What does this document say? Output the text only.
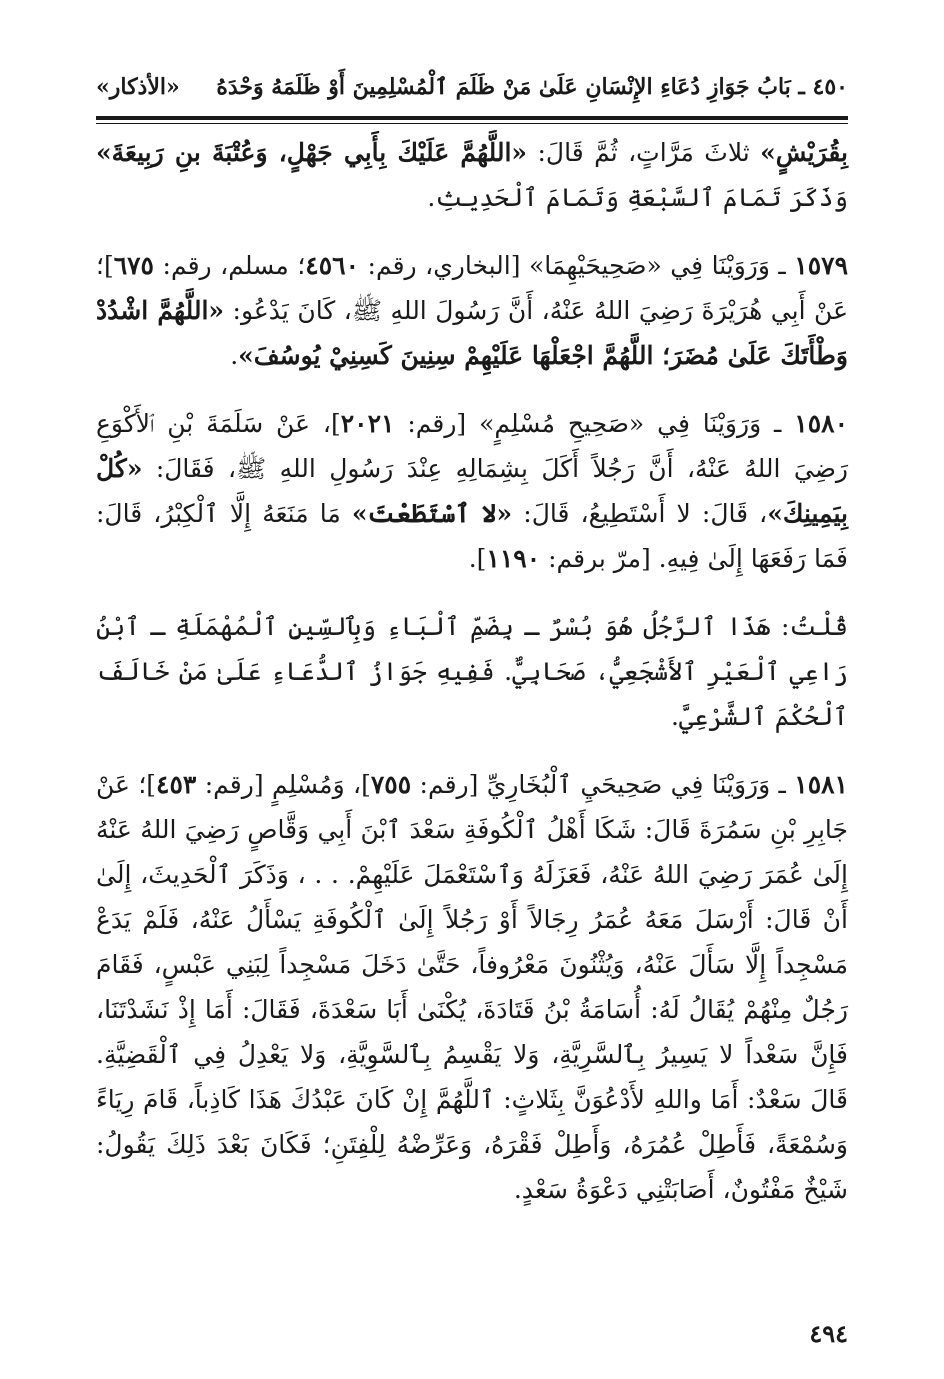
٤٥٠ ـ بَابُ جَوَازِ دُعَاءِ الإِنْسَانِ عَلَىٰ مَنْ ظَلَمَ ٱلْمُسْلِمِينَ أَوْ ظَلَمَهُ وَحْدَهُ
«الأذكار»

بِقُرَيْشٍ» ثلاثَ مَرَّاتٍ، ثُمَّ قَالَ: «اللَّهُمَّ عَلَيْكَ بِأَبِي جَهْلٍ، وَعُتْبَةَ بنِ رَبِيعَةَ» وَذَكَرَ تَمَامَ ٱلسَّبْعَةِ وَتَمَامَ ٱلْحَدِيثِ.

١٥٧٩ ـ وَرَوَيْنَا فِي «صَحِيحَيْهِمَا» [البخاري، رقم: ٤٥٦٠؛ مسلم، رقم: ٦٧٥]؛ عَنْ أَبِي هُرَيْرَةَ رَضِيَ اللهُ عَنْهُ، أَنَّ رَسُولَ اللهِ ﷺ، كَانَ يَدْعُو: «اللَّهُمَّ اشْدُدْ وَطْأَتَكَ عَلَىٰ مُضَرَ؛ اللَّهُمَّ اجْعَلْهَا عَلَيْهِمْ سِنِينَ كَسِنِيْ يُوسُفَ».

١٥٨٠ ـ وَرَوَيْنَا فِي «صَحِيحِ مُسْلِمٍ» [رقم: ٢٠٢١]، عَنْ سَلَمَةَ بْنِ ٱلأَكْوَعِ رَضِيَ اللهُ عَنْهُ، أَنَّ رَجُلاً أَكَلَ بِشِمَالِهِ عِنْدَ رَسُولِ اللهِ ﷺ، فَقَالَ: «كُلْ بِيَمِينِكَ»، قَالَ: لا أَسْتَطِيعُ، قَالَ: «لا ٱسْتَطَعْتَ» مَا مَنَعَهُ إِلَّا ٱلْكِبْرُ، قَالَ: فَمَا رَفَعَهَا إِلَىٰ فِيهِ. [مرّ برقم: ١١٩٠].

قُلْتُ: هَذَا ٱلرَّجُلُ هُوَ بُسْرٌ ـ بِضَمِّ ٱلْبَاءِ وَبِٱلسِّينِ ٱلْمُهْمَلَةِ ـ ٱبْنُ رَاعِي ٱلْعَيْرِ ٱلأَشْجَعِيُّ، صَحَابِيٌّ. فَفِيهِ جَوَازُ ٱلدُّعَاءِ عَلَىٰ مَنْ خَالَفَ ٱلْحُكْمَ ٱلشَّرْعِيَّ.

١٥٨١ ـ وَرَوَيْنَا فِي صَحِيحَيِ ٱلْبُخَارِيِّ [رقم: ٧٥٥]، وَمُسْلِمٍ [رقم: ٤٥٣]؛ عَنْ جَابِرِ بْنِ سَمُرَةَ قَالَ: شَكَا أَهْلُ ٱلْكُوفَةِ سَعْدَ ٱبْنَ أَبِي وَقَّاصٍ رَضِيَ اللهُ عَنْهُ إِلَىٰ عُمَرَ رَضِيَ اللهُ عَنْهُ، فَعَزَلَهُ وَٱسْتَعْمَلَ عَلَيْهِمْ. . . ، وَذَكَرَ ٱلْحَدِيثَ، إِلَىٰ أَنْ قَالَ: أَرْسَلَ مَعَهُ عُمَرُ رِجَالاً أَوْ رَجُلاً إِلَىٰ ٱلْكُوفَةِ يَسْأَلُ عَنْهُ، فَلَمْ يَدَعْ مَسْجِداً إِلَّا سَأَلَ عَنْهُ، وَيُثْنُونَ مَعْرُوفاً، حَتَّىٰ دَخَلَ مَسْجِداً لِبَنِي عَبْسٍ، فَقَامَ رَجُلٌ مِنْهُمْ يُقَالُ لَهُ: أُسَامَةُ بْنُ قَتَادَةَ، يُكْنَىٰ أَبَا سَعْدَةَ، فَقَالَ: أَمَا إِذْ نَشَدْتَنَا، فَإِنَّ سَعْداً لا يَسِيرُ بِٱلسَّرِيَّةِ، وَلا يَقْسِمُ بِٱلسَّوِيَّةِ، وَلا يَعْدِلُ فِي ٱلْقَضِيَّةِ. قَالَ سَعْدٌ: أَمَا واللهِ لأَدْعُوَنَّ بِثَلاثٍ: ٱللَّهُمَّ إِنْ كَانَ عَبْدُكَ هَذَا كَاذِباً، قَامَ رِيَاءً وَسُمْعَةً، فَأَطِلْ عُمُرَهُ، وَأَطِلْ فَقْرَهُ، وَعَرِّضْهُ لِلْفِتَنِ؛ فَكَانَ بَعْدَ ذَلِكَ يَقُولُ: شَيْخٌ مَفْتُونٌ، أَصَابَتْنِي دَعْوَةُ سَعْدٍ.

٤٩٤
